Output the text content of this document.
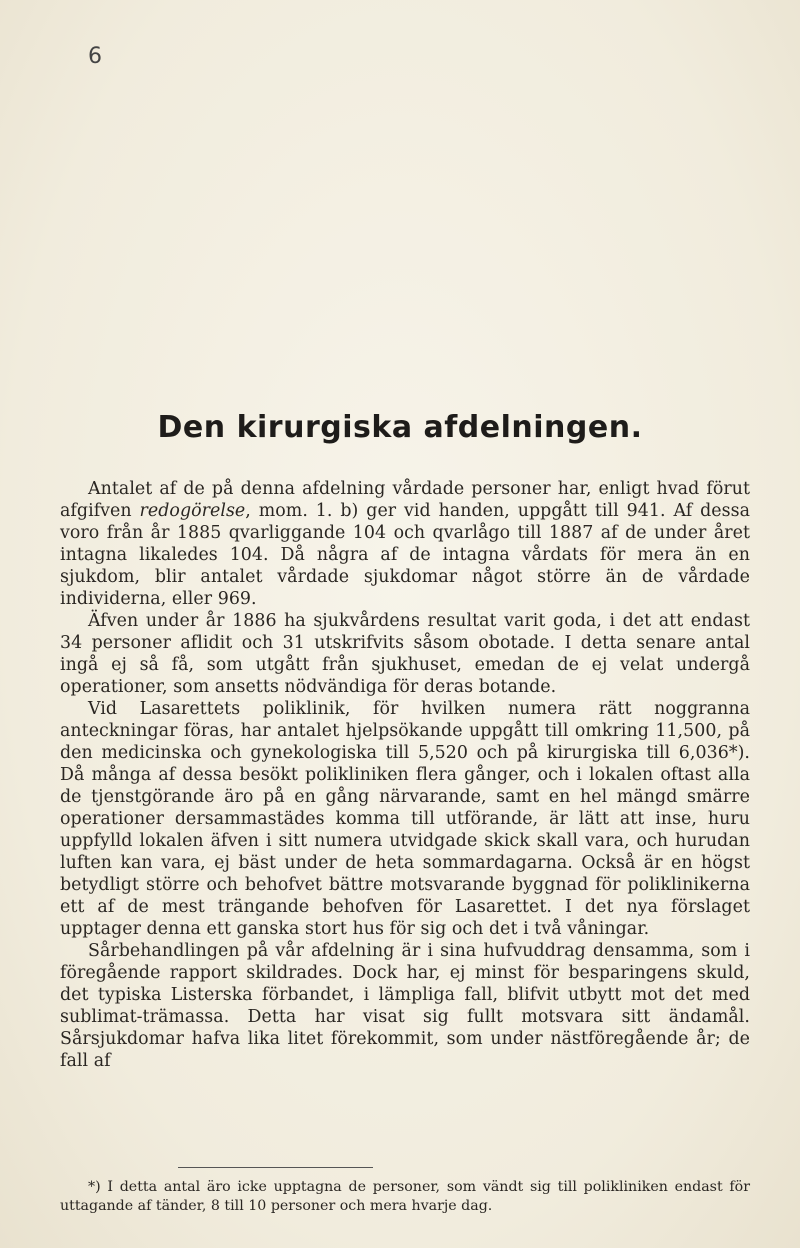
6
Den kirurgiska afdelningen.

Antalet af de på denna afdelning vårdade personer har, enligt hvad förut afgifven redogörelse, mom. 1. b) ger vid handen, uppgått till 941. Af dessa voro från år 1885 qvarliggande 104 och qvarlågo till 1887 af de under året intagna likaledes 104. Då några af de intagna vårdats för mera än en sjukdom, blir antalet vårdade sjukdomar något större än de vårdade individerna, eller 969.

Äfven under år 1886 ha sjukvårdens resultat varit goda, i det att endast 34 personer aflidit och 31 utskrifvits såsom obotade. I detta senare antal ingå ej så få, som utgått från sjukhuset, emedan de ej velat undergå operationer, som ansetts nödvändiga för deras botande.

Vid Lasarettets poliklinik, för hvilken numera rätt noggranna anteckningar föras, har antalet hjelpsökande uppgått till omkring 11,500, på den medicinska och gynekologiska till 5,520 och på kirurgiska till 6,036*). Då många af dessa besökt polikliniken flera gånger, och i lokalen oftast alla de tjenstgörande äro på en gång närvarande, samt en hel mängd smärre operationer dersammastädes komma till utförande, är lätt att inse, huru uppfylld lokalen äfven i sitt numera utvidgade skick skall vara, och hurudan luften kan vara, ej bäst under de heta sommardagarna. Också är en högst betydligt större och behofvet bättre motsvarande byggnad för poliklinikerna ett af de mest trängande behofven för Lasarettet. I det nya förslaget upptager denna ett ganska stort hus för sig och det i två våningar.

Sårbehandlingen på vår afdelning är i sina hufvuddrag densamma, som i föregående rapport skildrades. Dock har, ej minst för besparingens skuld, det typiska Listerska förbandet, i lämpliga fall, blifvit utbytt mot det med sublimat-trämassa. Detta har visat sig fullt motsvara sitt ändamål. Sårsjukdomar hafva lika litet förekommit, som under nästföregående år; de fall af

*) I detta antal äro icke upptagna de personer, som vändt sig till polikliniken endast för uttagande af tänder, 8 till 10 personer och mera hvarje dag.
